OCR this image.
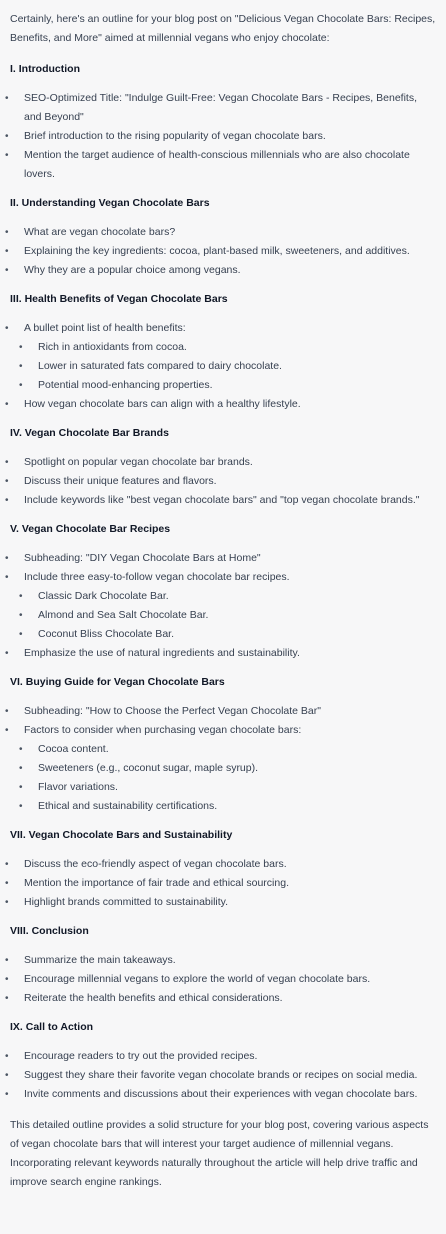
Certainly, here's an outline for your blog post on "Delicious Vegan Chocolate Bars: Recipes, Benefits, and More" aimed at millennial vegans who enjoy chocolate:

I. Introduction
• SEO-Optimized Title: "Indulge Guilt-Free: Vegan Chocolate Bars - Recipes, Benefits, and Beyond"
• Brief introduction to the rising popularity of vegan chocolate bars.
• Mention the target audience of health-conscious millennials who are also chocolate lovers.
II. Understanding Vegan Chocolate Bars
• What are vegan chocolate bars?
• Explaining the key ingredients: cocoa, plant-based milk, sweeteners, and additives.
• Why they are a popular choice among vegans.
III. Health Benefits of Vegan Chocolate Bars
• A bullet point list of health benefits:
• Rich in antioxidants from cocoa.
• Lower in saturated fats compared to dairy chocolate.
• Potential mood-enhancing properties.
• How vegan chocolate bars can align with a healthy lifestyle.
IV. Vegan Chocolate Bar Brands
• Spotlight on popular vegan chocolate bar brands.
• Discuss their unique features and flavors.
• Include keywords like "best vegan chocolate bars" and "top vegan chocolate brands."
V. Vegan Chocolate Bar Recipes
• Subheading: "DIY Vegan Chocolate Bars at Home"
• Include three easy-to-follow vegan chocolate bar recipes.
• Classic Dark Chocolate Bar.
• Almond and Sea Salt Chocolate Bar.
• Coconut Bliss Chocolate Bar.
• Emphasize the use of natural ingredients and sustainability.
VI. Buying Guide for Vegan Chocolate Bars
• Subheading: "How to Choose the Perfect Vegan Chocolate Bar"
• Factors to consider when purchasing vegan chocolate bars:
• Cocoa content.
• Sweeteners (e.g., coconut sugar, maple syrup).
• Flavor variations.
• Ethical and sustainability certifications.
VII. Vegan Chocolate Bars and Sustainability
• Discuss the eco-friendly aspect of vegan chocolate bars.
• Mention the importance of fair trade and ethical sourcing.
• Highlight brands committed to sustainability.
VIII. Conclusion
• Summarize the main takeaways.
• Encourage millennial vegans to explore the world of vegan chocolate bars.
• Reiterate the health benefits and ethical considerations.
IX. Call to Action
• Encourage readers to try out the provided recipes.
• Suggest they share their favorite vegan chocolate brands or recipes on social media.
• Invite comments and discussions about their experiences with vegan chocolate bars.

This detailed outline provides a solid structure for your blog post, covering various aspects of vegan chocolate bars that will interest your target audience of millennial vegans. Incorporating relevant keywords naturally throughout the article will help drive traffic and improve search engine rankings.
